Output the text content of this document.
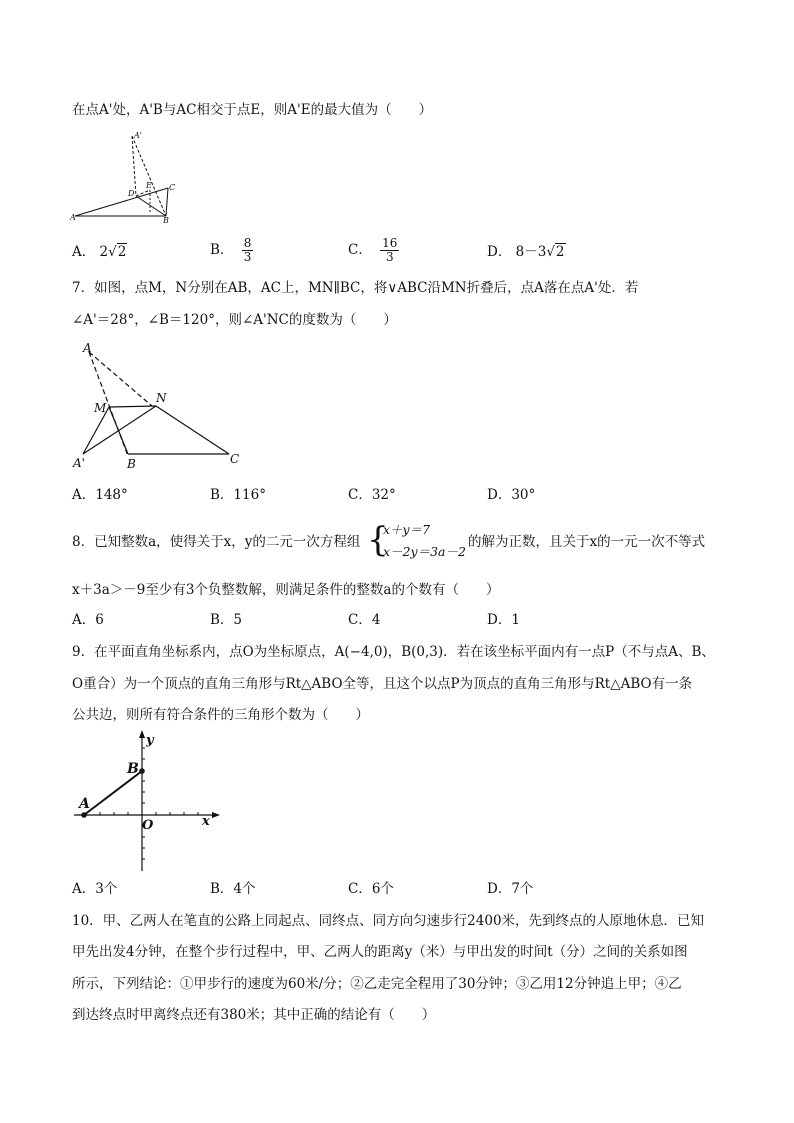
在点A'处，A'B与AC相交于点E，则A'E的最大值为（　　）
A'
C
E
D
A	B
A． 2√2	B． $\frac{8}{3}$	C． $\frac{16}{3}$	D． 8－3√2
7．如图，点M，N分别在AB，AC上，MN∥BC，将∨ABC沿MN折叠后，点A落在点A'处．若
∠A'＝28°，∠B＝120°，则∠A'NC的度数为（　　）
A
M
N
A'	B	C
A．148°	B．116°	C．32°	D．30°
8．已知整数a，使得关于x，y的二元一次方程组 {
x＋y＝7
x－2y＝3a－2
的解为正数，且关于x的一元一次不等式
x＋3a＞－9至少有3个负整数解，则满足条件的整数a的个数有（　　）
A．6	B．5	C．4	D．1
9．在平面直角坐标系内，点O为坐标原点，A(−4,0)，B(0,3)．若在该坐标平面内有一点P（不与点A、B、
O重合）为一个顶点的直角三角形与Rt△ABO全等，且这个以点P为顶点的直角三角形与Rt△ABO有一条
公共边，则所有符合条件的三角形个数为（　　）
y
B
A
O	x
A．3个	B．4个	C．6个	D．7个
10．甲、乙两人在笔直的公路上同起点、同终点、同方向匀速步行2400米，先到终点的人原地休息．已知
甲先出发4分钟，在整个步行过程中，甲、乙两人的距离y（米）与甲出发的时间t（分）之间的关系如图
所示，下列结论：①甲步行的速度为60米/分；②乙走完全程用了30分钟；③乙用12分钟追上甲；④乙
到达终点时甲离终点还有380米；其中正确的结论有（　　）
